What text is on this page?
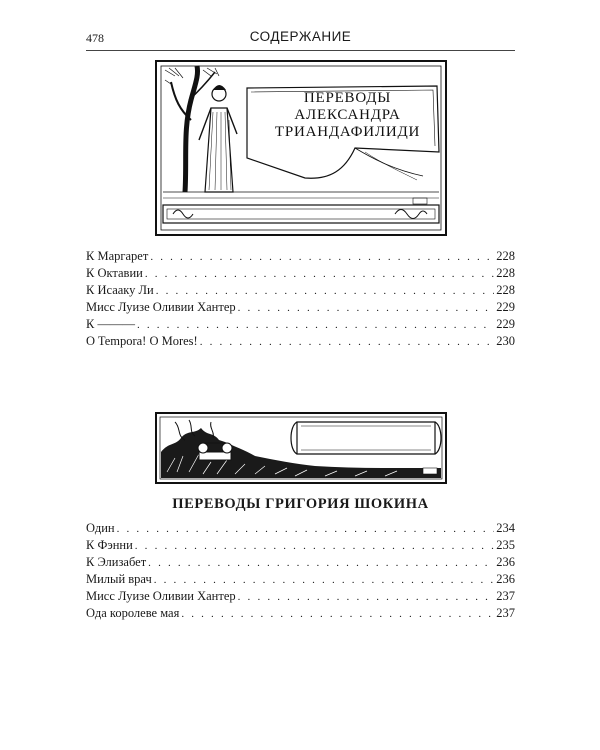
478	СОДЕРЖАНИЕ
ПЕРЕВОДЫ
АЛЕКСАНДРА
ТРИАНДАФИЛИДИ
К Маргарет . . .	228
К Октавии . . .	228
К Исааку Ли . . .	228
Мисс Луизе Оливии Хантер . . .	229
К ——— . . .	229
O Tempora! O Mores! . . .	230
ПЕРЕВОДЫ ГРИГОРИЯ ШОКИНА
Один . . .	234
К Фэнни . . .	235
К Элизабет . . .	236
Милый врач . . .	236
Мисс Луизе Оливии Хантер . . .	237
Ода королеве мая . . .	237
